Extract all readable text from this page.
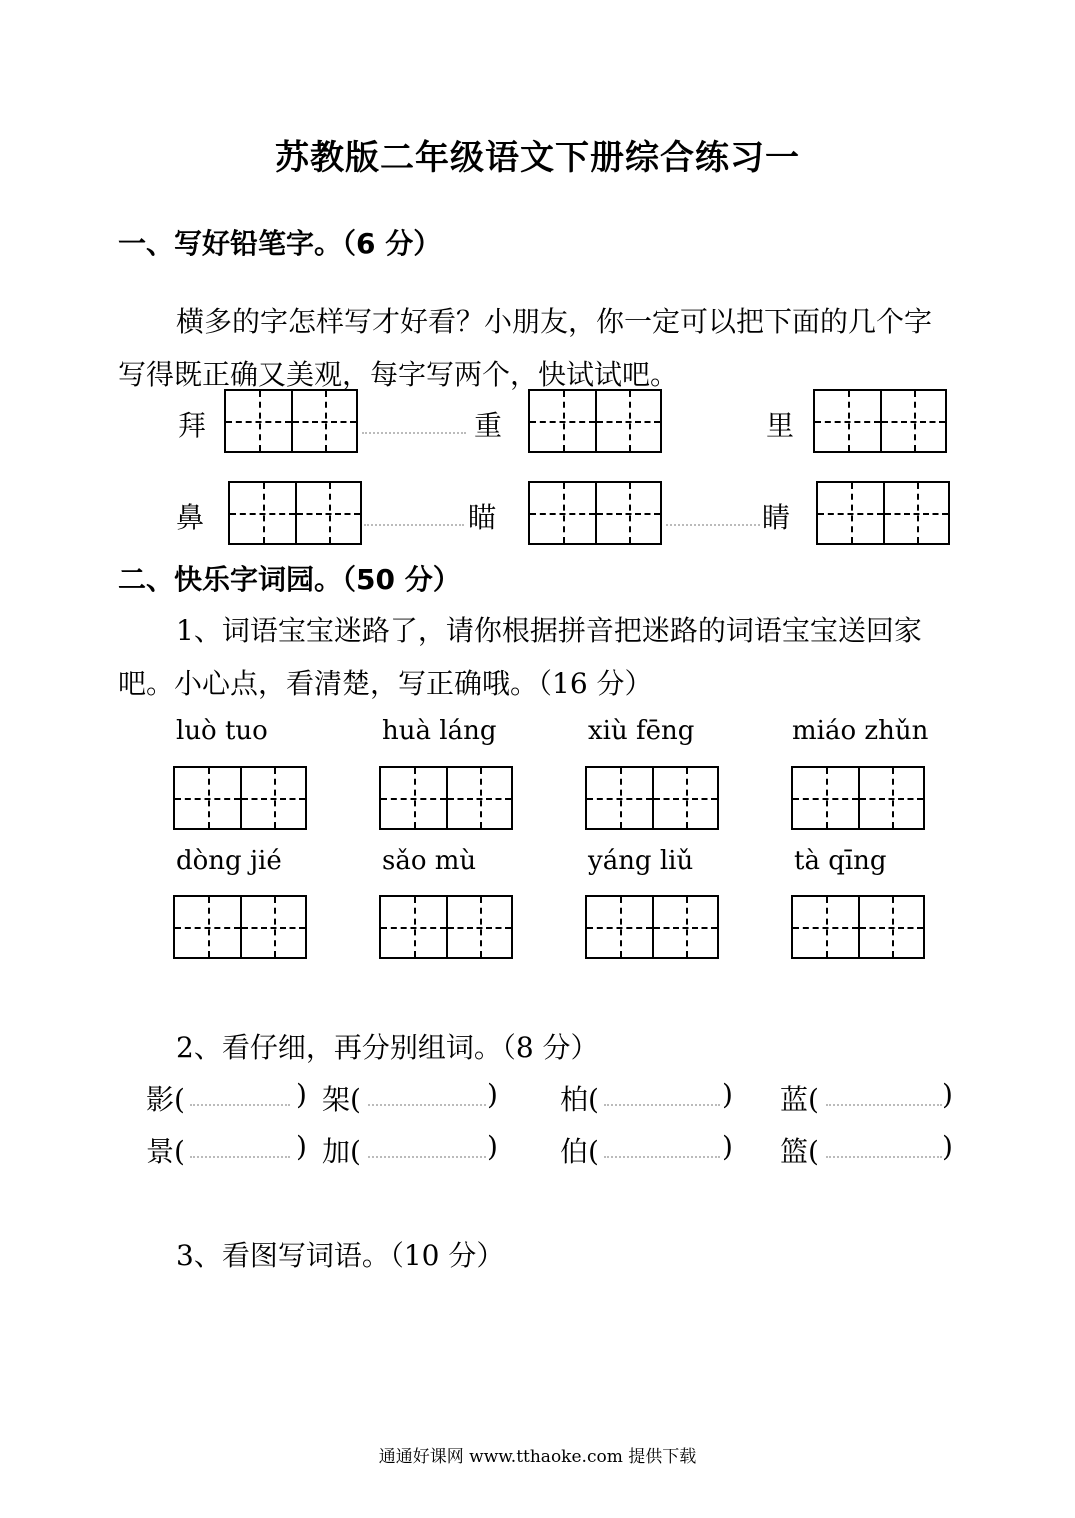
苏教版二年级语文下册综合练习一
一、写好铅笔字。（6 分）
横多的字怎样写才好看？小朋友，你一定可以把下面的几个字
写得既正确又美观，每字写两个，快试试吧。
拜	重	里
鼻	瞄	睛
二、快乐字词园。（50 分）
1、词语宝宝迷路了，请你根据拼音把迷路的词语宝宝送回家
吧。小心点，看清楚，写正确哦。（16 分）
luò tuo	huà láng	xiù fēng	miáo zhǔn
dòng jié	sǎo mù	yáng liǔ	tà qīng
2、看仔细，再分别组词。（8 分）
影(	) 架(	) 柏(	) 蓝(	)
景(	) 加(	) 伯(	) 篮(	)
3、看图写词语。（10 分）
通通好课网 www.tthaoke.com 提供下载
